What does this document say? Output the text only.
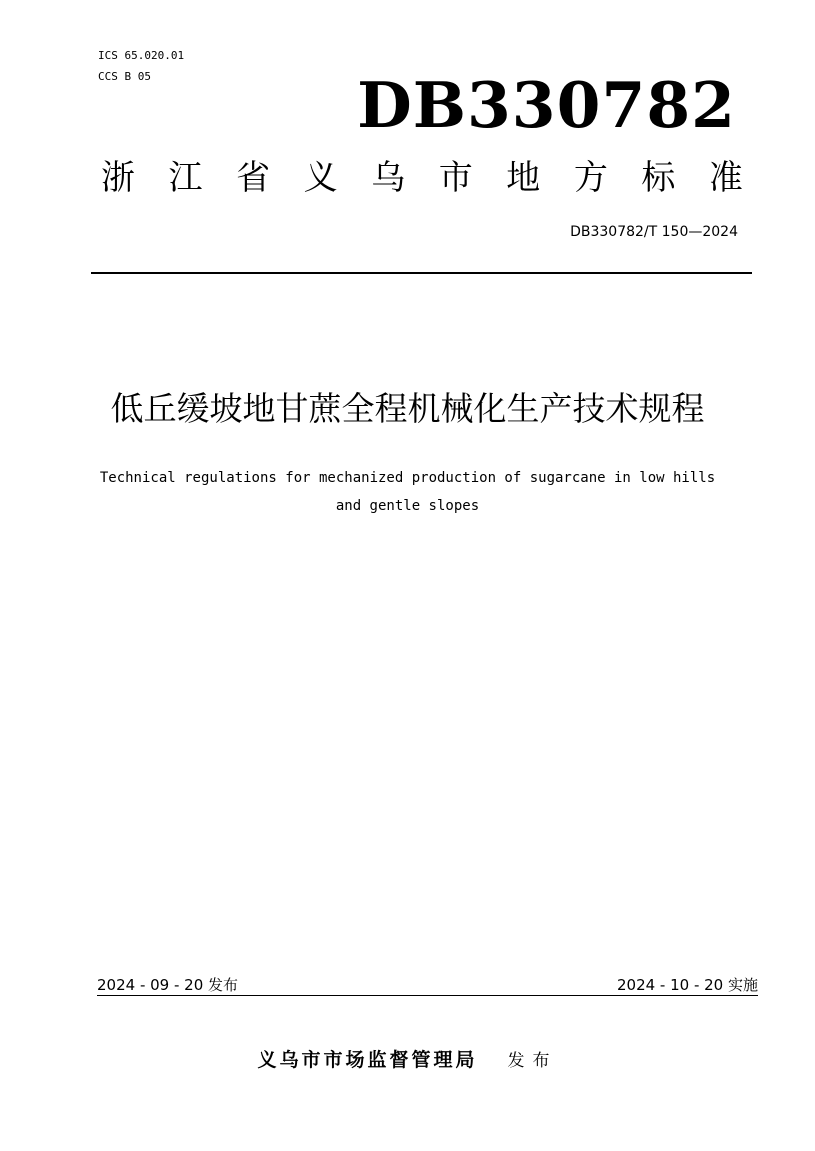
ICS 65.020.01
CCS B 05	DB330782
浙 江 省 义 乌 市 地 方 标 准
DB330782/T 150—2024
低丘缓坡地甘蔗全程机械化生产技术规程
Technical regulations for mechanized production of sugarcane in low hills
and gentle slopes
2024 - 09 - 20 发布	2024 - 10 - 20 实施
义乌市市场监督管理局 发布
